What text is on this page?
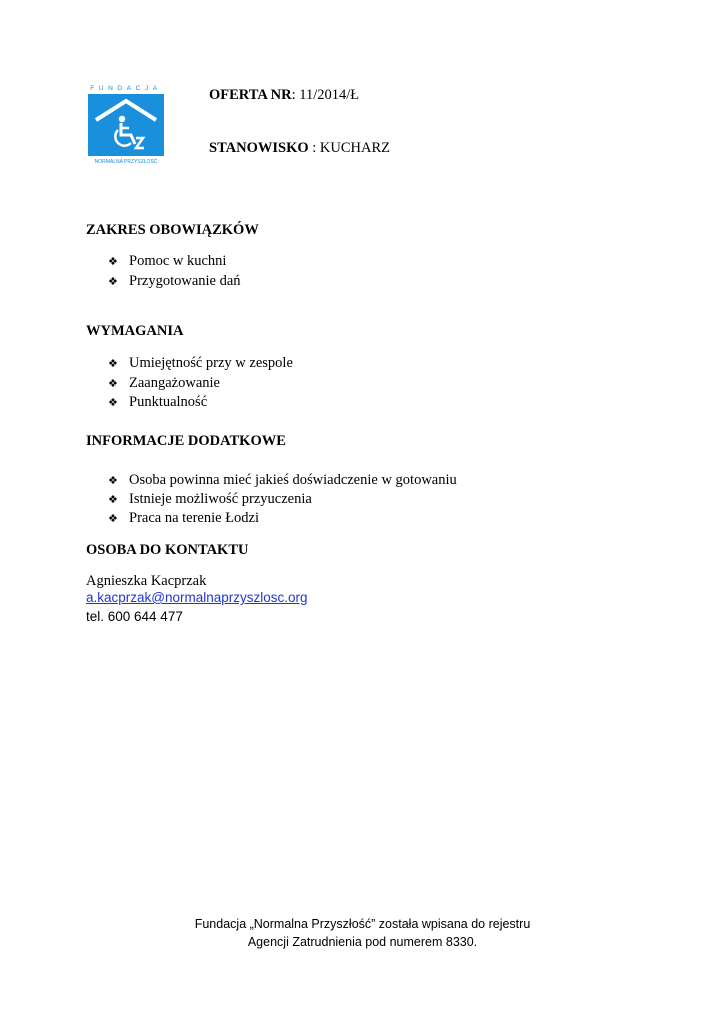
FUNDACJA
NORMALNA PRZYSZŁOŚĆ
OFERTA NR: 11/2014/Ł
STANOWISKO : KUCHARZ
ZAKRES OBOWIĄZKÓW
❖ Pomoc w kuchni
❖ Przygotowanie dań
WYMAGANIA
❖ Umiejętność przy w zespole
❖ Zaangażowanie
❖ Punktualność
INFORMACJE DODATKOWE
❖ Osoba powinna mieć jakieś doświadczenie w gotowaniu
❖ Istnieje możliwość przyuczenia
❖ Praca na terenie Łodzi
OSOBA DO KONTAKTU
Agnieszka Kacprzak
a.kacprzak@normalnaprzyszlosc.org
tel. 600 644 477
Fundacja „Normalna Przyszłość” została wpisana do rejestru
Agencji Zatrudnienia pod numerem 8330.
